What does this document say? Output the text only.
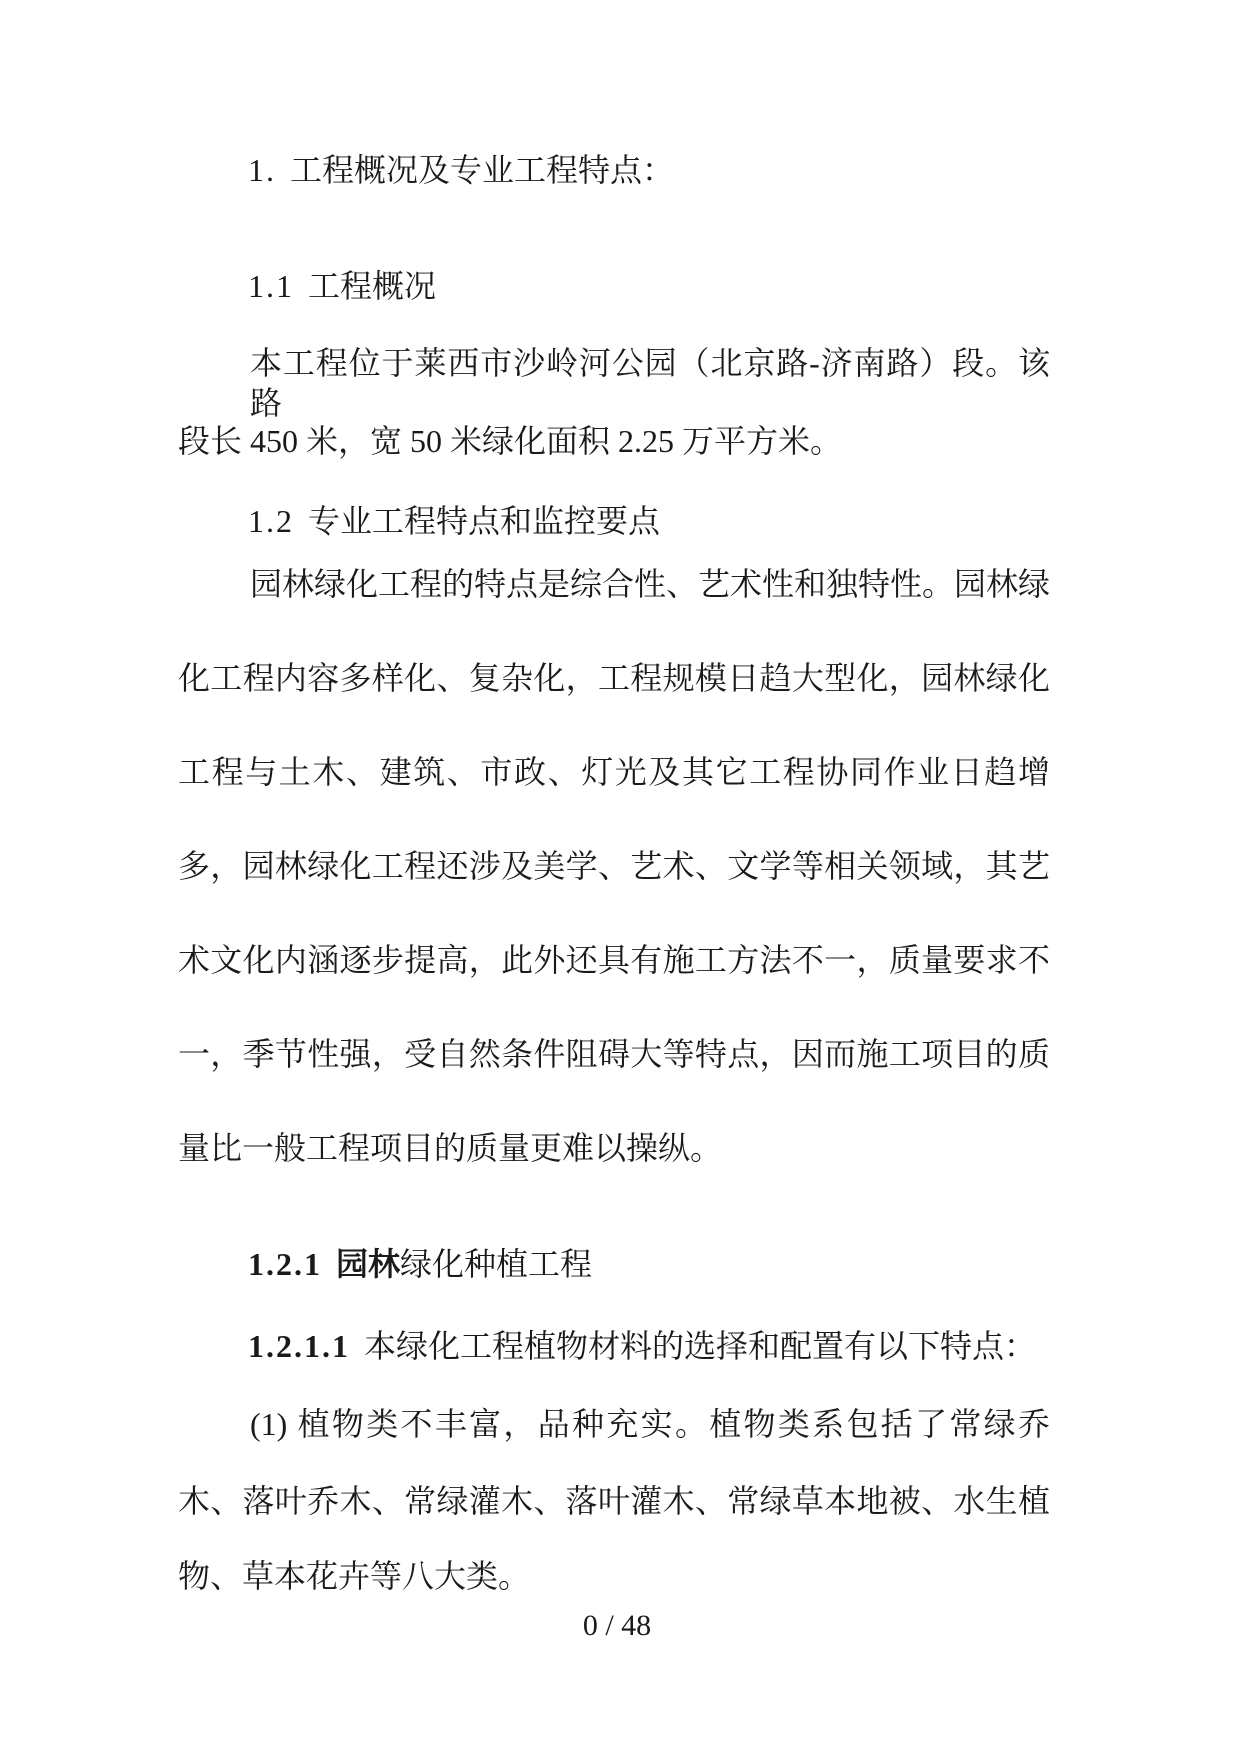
1. 工程概况及专业工程特点：
1.1 工程概况
本工程位于莱西市沙岭河公园（北京路-济南路）段。该路
段长 450 米，宽 50 米绿化面积 2.25 万平方米。
1.2 专业工程特点和监控要点
园林绿化工程的特点是综合性、艺术性和独特性。园林绿
化工程内容多样化、复杂化，工程规模日趋大型化，园林绿化
工程与土木、建筑、市政、灯光及其它工程协同作业日趋增
多，园林绿化工程还涉及美学、艺术、文学等相关领域，其艺
术文化内涵逐步提高，此外还具有施工方法不一，质量要求不
一，季节性强，受自然条件阻碍大等特点，因而施工项目的质
量比一般工程项目的质量更难以操纵。
1.2.1 园林绿化种植工程
1.2.1.1 本绿化工程植物材料的选择和配置有以下特点：
(1) 植物类不丰富，品种充实。植物类系包括了常绿乔
木、落叶乔木、常绿灌木、落叶灌木、常绿草本地被、水生植
物、草本花卉等八大类。
0 / 48
